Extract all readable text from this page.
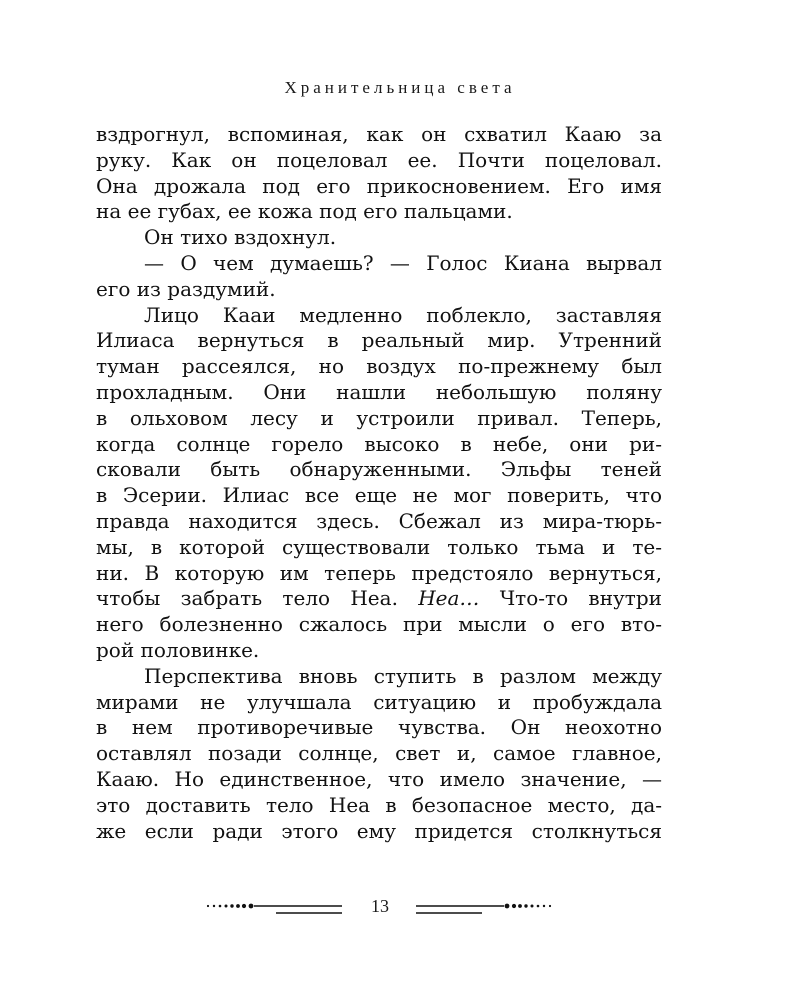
Хранительница света
вздрогнул, вспоминая, как он схватил Кааю за
руку. Как он поцеловал ее. Почти поцеловал.
Она дрожала под его прикосновением. Его имя
на ее губах, ее кожа под его пальцами.
Он тихо вздохнул.
— О чем думаешь? — Голос Киана вырвал
его из раздумий.
Лицо Кааи медленно поблекло, заставляя
Илиаса вернуться в реальный мир. Утренний
туман рассеялся, но воздух по-прежнему был
прохладным. Они нашли небольшую поляну
в ольховом лесу и устроили привал. Теперь,
когда солнце горело высоко в небе, они ри-
сковали быть обнаруженными. Эльфы теней
в Эсерии. Илиас все еще не мог поверить, что
правда находится здесь. Сбежал из мира-тюрь-
мы, в которой существовали только тьма и те-
ни. В которую им теперь предстояло вернуться,
чтобы забрать тело Неа. Неа… Что-то внутри
него болезненно сжалось при мысли о его вто-
рой половинке.
Перспектива вновь ступить в разлом между
мирами не улучшала ситуацию и пробуждала
в нем противоречивые чувства. Он неохотно
оставлял позади солнце, свет и, самое главное,
Кааю. Но единственное, что имело значение, —
это доставить тело Неа в безопасное место, да-
же если ради этого ему придется столкнуться
13
